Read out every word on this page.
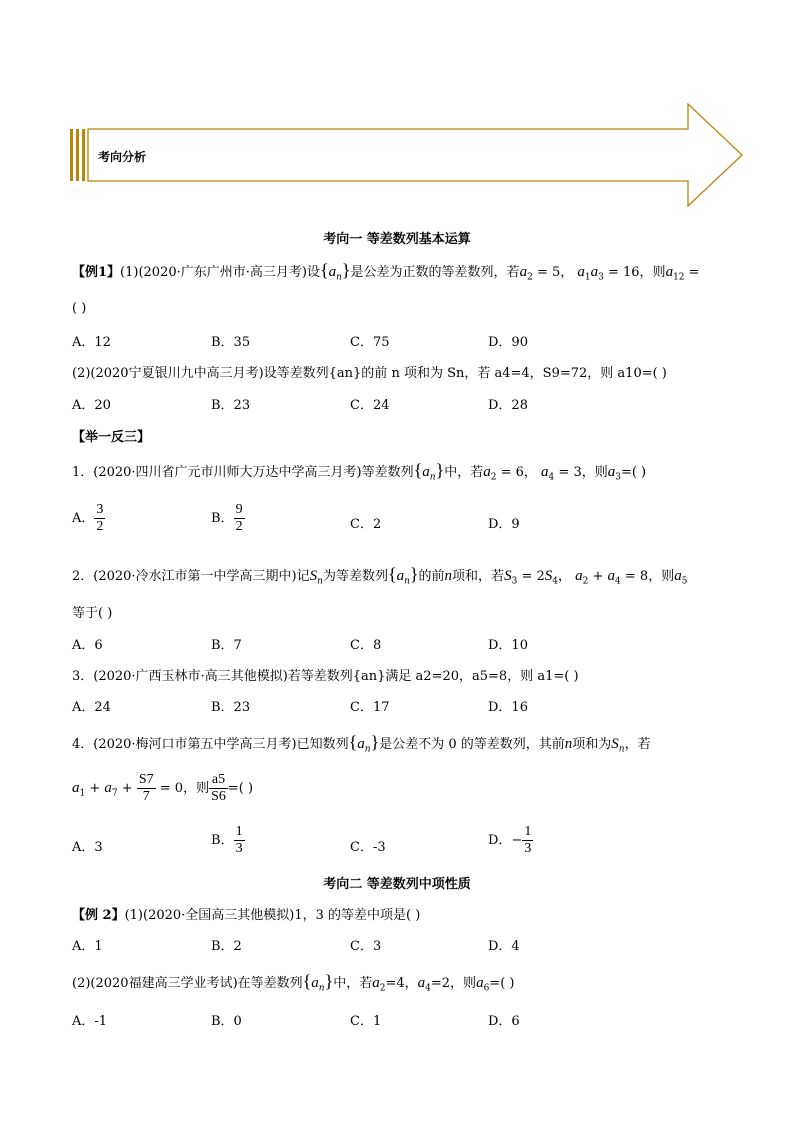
考向分析
考向一 等差数列基本运算
【例1】(1)(2020·广东广州市·高三月考)设$\{a_n\}$是公差为正数的等差数列，若$a_2 = 5$， $a_1a_3 = 16$，则$a_{12}$ =
( )
A．12	B．35	C．75	D．90
(2)(2020宁夏银川九中高三月考)设等差数列{an}的前 n 项和为 Sn，若 a4=4，S9=72，则 a10=( )
A．20	B．23	C．24	D．28
【举一反三】
1．(2020·四川省广元市川师大万达中学高三月考)等差数列$\{a_n\}$中，若$a_2 = 6$， $a_4 = 3$，则$a_3=$( )
A． $\frac{3}{2}$	B． $\frac{9}{2}$	C．2	D．9
2．(2020·冷水江市第一中学高三期中)记$S_n$为等差数列$\{a_n\}$的前n项和，若$S_3 = 2S_4$， $a_2 + a_4 = 8$，则$a_5$
等于( )
A．6	B．7	C．8	D．10
3．(2020·广西玉林市·高三其他模拟)若等差数列{an}满足 a2=20，a5=8，则 a1=( )
A．24	B．23	C．17	D．16
4．(2020·梅河口市第五中学高三月考)已知数列$\{a_n\}$是公差不为 0 的等差数列，其前n项和为$S_n$，若
$a_1 + a_7 + \frac{S7}{7} = 0$，则 $\frac{a5}{S6}$ =( )
A．3	B． $\frac{1}{3}$	C．-3	D．− $\frac{1}{3}$
考向二 等差数列中项性质
【例 2】(1)(2020·全国高三其他模拟)1，3 的等差中项是( )
A．1	B．2	C．3	D．4
(2)(2020福建高三学业考试)在等差数列$\{a_n\}$中，若$a_2=4$，$a_4=2$，则$a_6=$( )
A．-1	B．0	C．1	D．6
